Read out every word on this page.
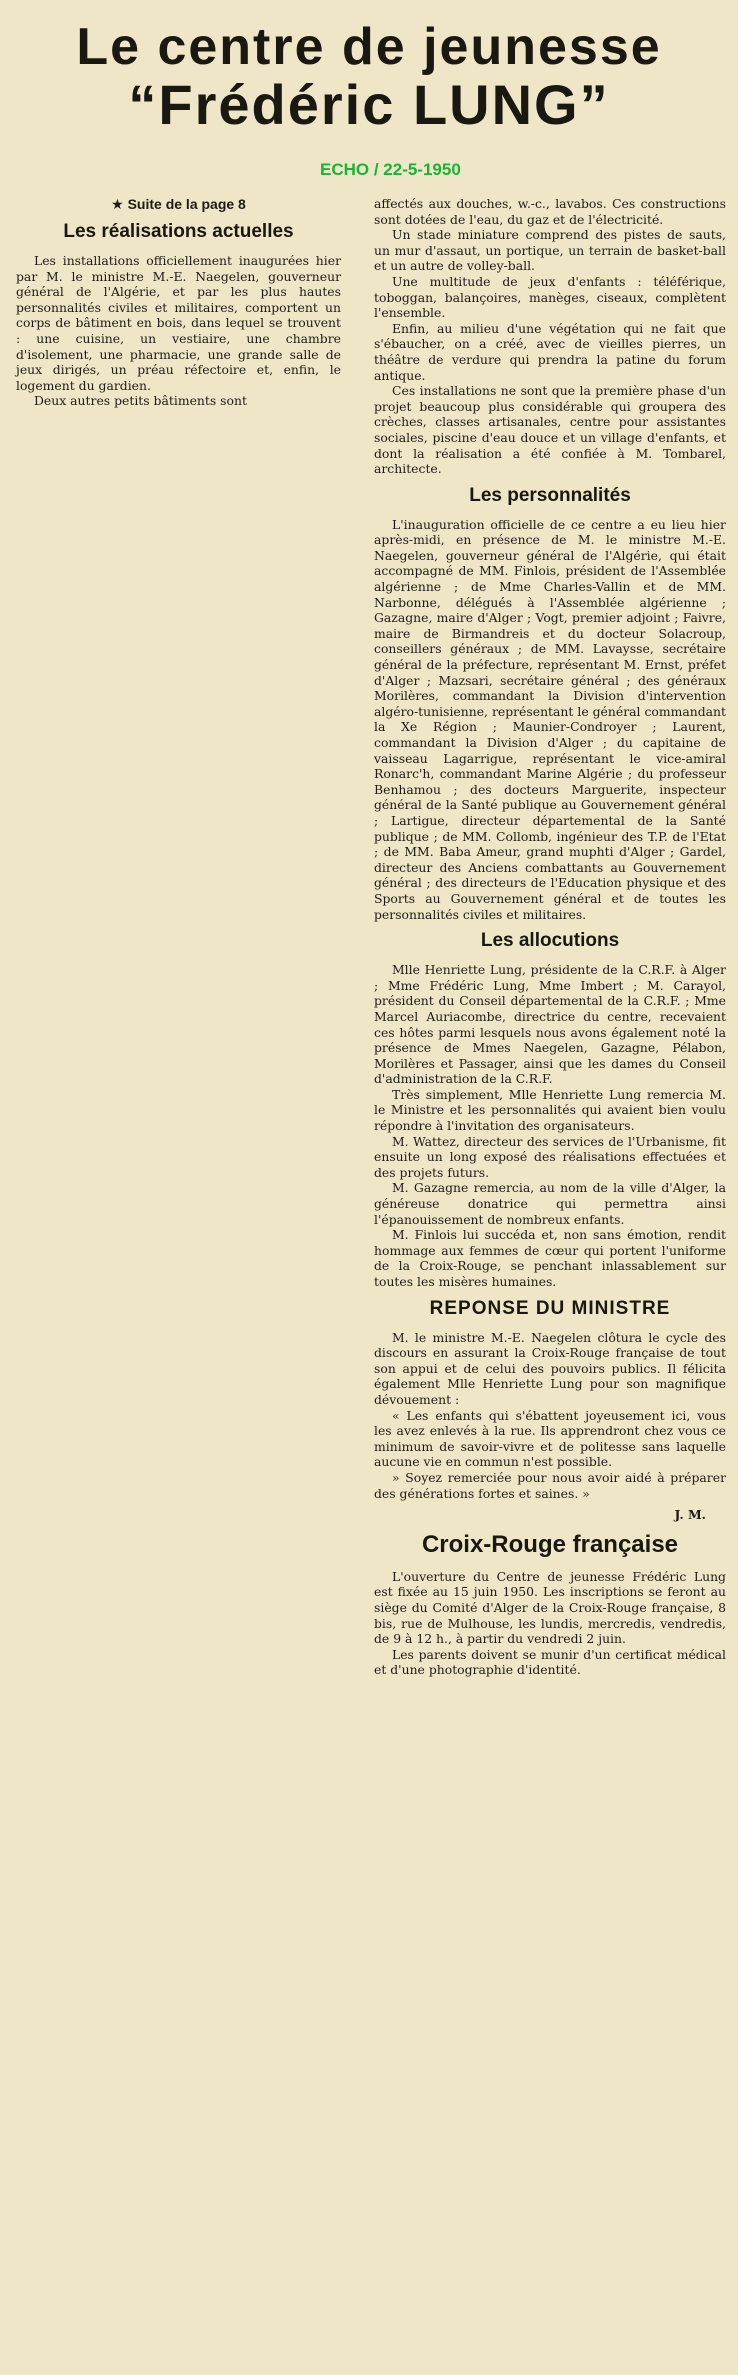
Le centre de jeunesse
“Frédéric LUNG”
ECHO / 22-5-1950
★ Suite de la page 8
Les réalisations actuelles

Les installations officiellement inaugurées hier par M. le ministre M.-E. Naegelen, gouverneur général de l'Algérie, et par les plus hautes personnalités civiles et militaires, comportent un corps de bâtiment en bois, dans lequel se trouvent : une cuisine, un vestiaire, une chambre d'isolement, une pharmacie, une grande salle de jeux dirigés, un préau réfectoire et, enfin, le logement du gardien.

Deux autres petits bâtiments sont

affectés aux douches, w.-c., lavabos. Ces constructions sont dotées de l'eau, du gaz et de l'électricité.

Un stade miniature comprend des pistes de sauts, un mur d'assaut, un portique, un terrain de basket-ball et un autre de volley-ball.

Une multitude de jeux d'enfants : téléférique, toboggan, balançoires, manèges, ciseaux, complètent l'ensemble.

Enfin, au milieu d'une végétation qui ne fait que s'ébaucher, on a créé, avec de vieilles pierres, un théâtre de verdure qui prendra la patine du forum antique.

Ces installations ne sont que la première phase d'un projet beaucoup plus considérable qui groupera des crèches, classes artisanales, centre pour assistantes sociales, piscine d'eau douce et un village d'enfants, et dont la réalisation a été confiée à M. Tombarel, architecte.

Les personnalités

L'inauguration officielle de ce centre a eu lieu hier après-midi, en présence de M. le ministre M.-E. Naegelen, gouverneur général de l'Algérie, qui était accompagné de MM. Finlois, président de l'Assemblée algérienne ; de Mme Charles-Vallin et de MM. Narbonne, délégués à l'Assemblée algérienne ; Gazagne, maire d'Alger ; Vogt, premier adjoint ; Faivre, maire de Birmandreis et du docteur Solacroup, conseillers généraux ; de MM. Lavaysse, secrétaire général de la préfecture, représentant M. Ernst, préfet d'Alger ; Mazsari, secrétaire général ; des généraux Morilères, commandant la Division d'intervention algéro-tunisienne, représentant le général commandant la Xe Région ; Maunier-Condroyer ; Laurent, commandant la Division d'Alger ; du capitaine de vaisseau Lagarrigue, représentant le vice-amiral Ronarc'h, commandant Marine Algérie ; du professeur Benhamou ; des docteurs Marguerite, inspecteur général de la Santé publique au Gouvernement général ; Lartigue, directeur départemental de la Santé publique ; de MM. Collomb, ingénieur des T.P. de l'Etat ; de MM. Baba Ameur, grand muphti d'Alger ; Gardel, directeur des Anciens combattants au Gouvernement général ; des directeurs de l'Education physique et des Sports au Gouvernement général et de toutes les personnalités civiles et militaires.

Les allocutions

Mlle Henriette Lung, présidente de la C.R.F. à Alger ; Mme Frédéric Lung, Mme Imbert ; M. Carayol, président du Conseil départemental de la C.R.F. ; Mme Marcel Auriacombe, directrice du centre, recevaient ces hôtes parmi lesquels nous avons également noté la présence de Mmes Naegelen, Gazagne, Pélabon, Morilères et Passager, ainsi que les dames du Conseil d'administration de la C.R.F.

Très simplement, Mlle Henriette Lung remercia M. le Ministre et les personnalités qui avaient bien voulu répondre à l'invitation des organisateurs.

M. Wattez, directeur des services de l'Urbanisme, fit ensuite un long exposé des réalisations effectuées et des projets futurs.

M. Gazagne remercia, au nom de la ville d'Alger, la généreuse donatrice qui permettra ainsi l'épanouissement de nombreux enfants.

M. Finlois lui succéda et, non sans émotion, rendit hommage aux femmes de cœur qui portent l'uniforme de la Croix-Rouge, se penchant inlassablement sur toutes les misères humaines.

REPONSE DU MINISTRE

M. le ministre M.-E. Naegelen clôtura le cycle des discours en assurant la Croix-Rouge française de tout son appui et de celui des pouvoirs publics. Il félicita également Mlle Henriette Lung pour son magnifique dévouement :

« Les enfants qui s'ébattent joyeusement ici, vous les avez enlevés à la rue. Ils apprendront chez vous ce minimum de savoir-vivre et de politesse sans laquelle aucune vie en commun n'est possible.

» Soyez remerciée pour nous avoir aidé à préparer des générations fortes et saines. »

J. M.

Croix-Rouge française

L'ouverture du Centre de jeunesse Frédéric Lung est fixée au 15 juin 1950. Les inscriptions se feront au siège du Comité d'Alger de la Croix-Rouge française, 8 bis, rue de Mulhouse, les lundis, mercredis, vendredis, de 9 à 12 h., à partir du vendredi 2 juin.

Les parents doivent se munir d'un certificat médical et d'une photographie d'identité.
